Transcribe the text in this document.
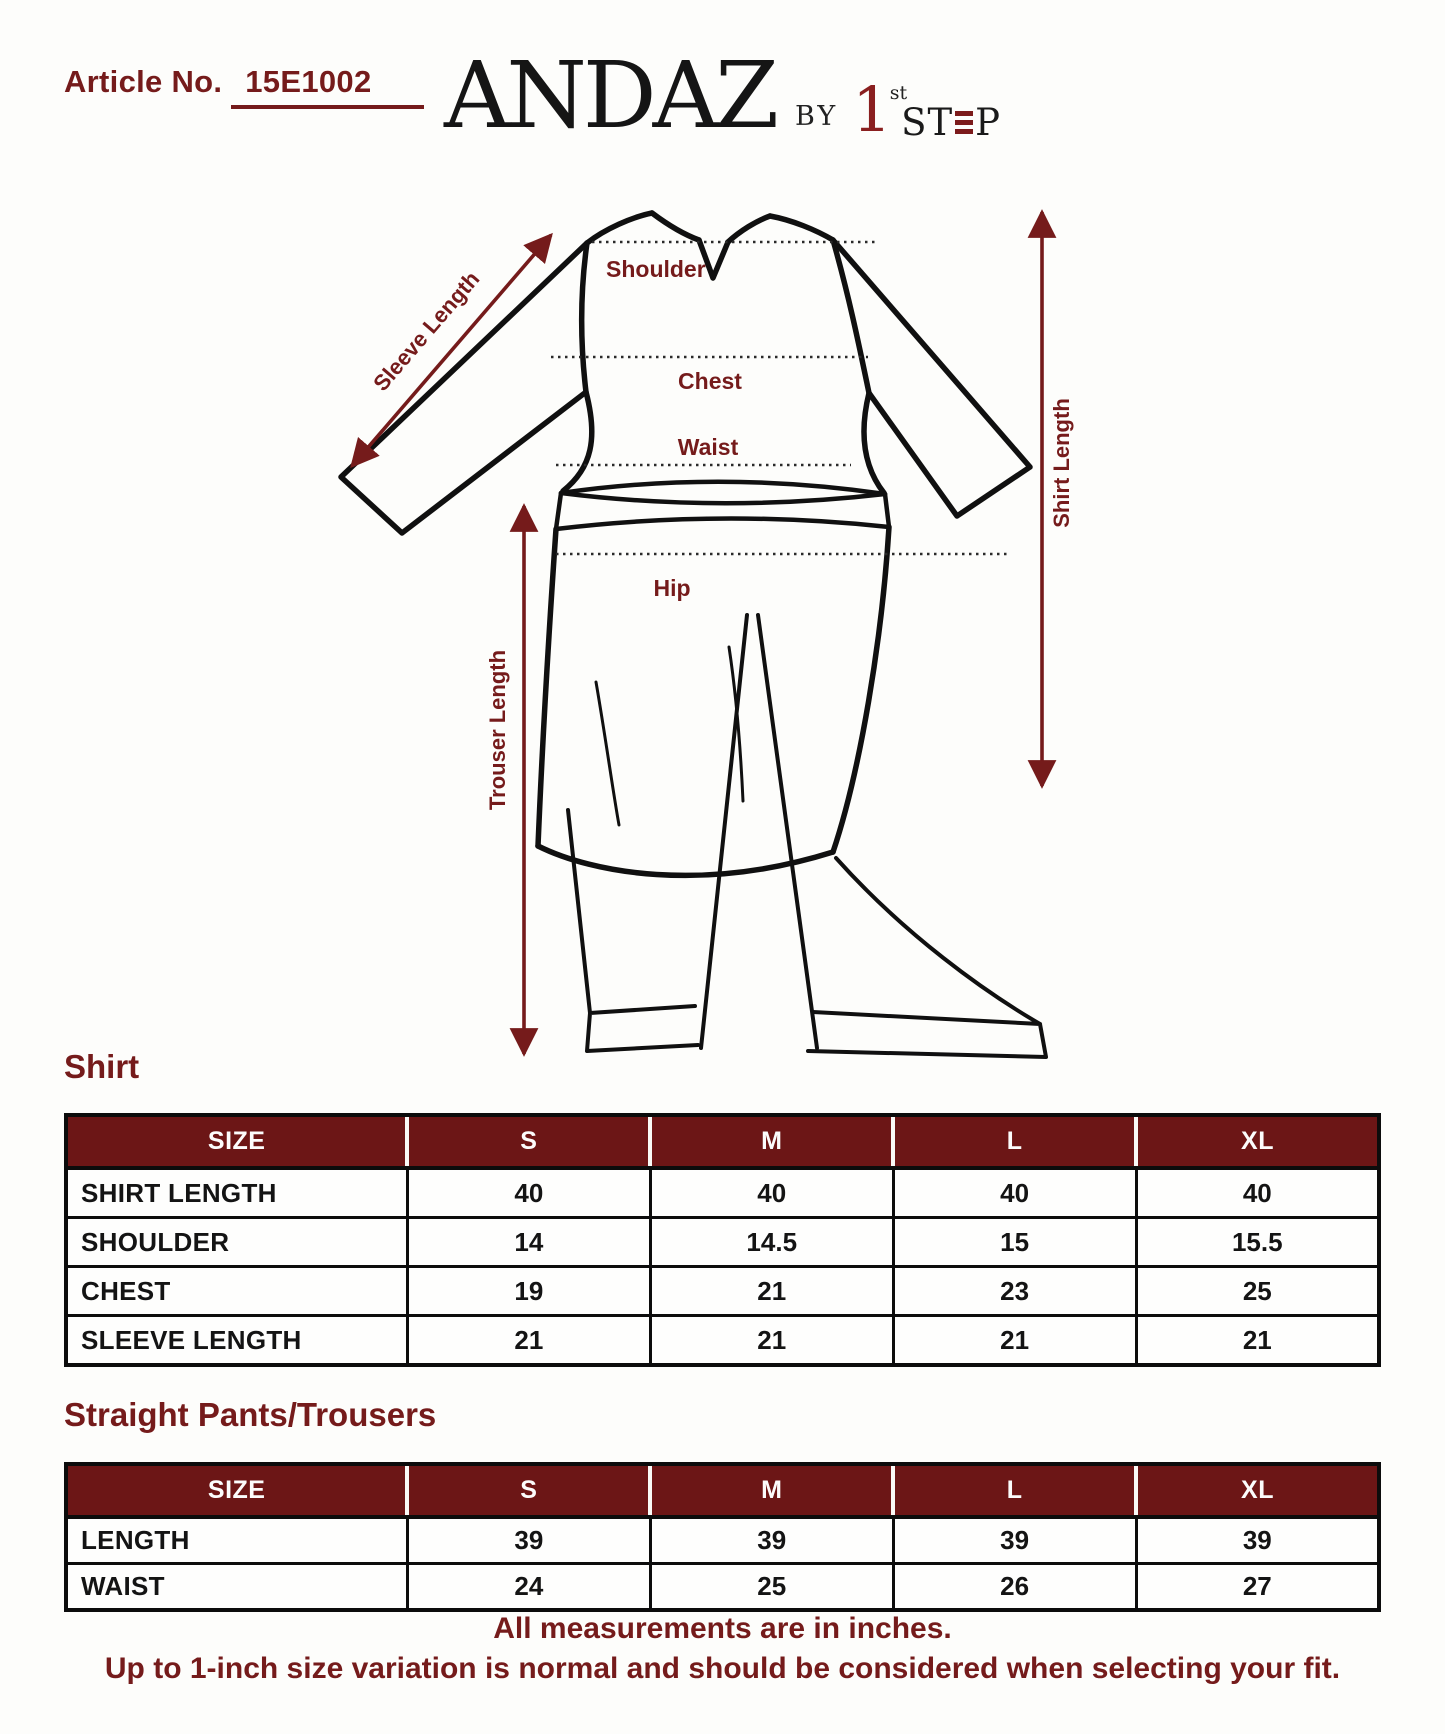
Article No. 15E1002 ANDAZ BY 1
st
ST P
Shoulder
Chest
Waist
Hip
Sleeve Length
Shirt Length
Trouser Length
Shirt
SIZE	S	M	L	XL
SHIRT LENGTH	40	40	40	40
SHOULDER	14	14.5	15	15.5
CHEST	19	21	23	25
SLEEVE LENGTH	21	21	21	21
Straight Pants/Trousers
SIZE	S	M	L	XL
LENGTH	39	39	39	39
WAIST	24	25	26	27
All measurements are in inches.
Up to 1-inch size variation is normal and should be considered when selecting your fit.
